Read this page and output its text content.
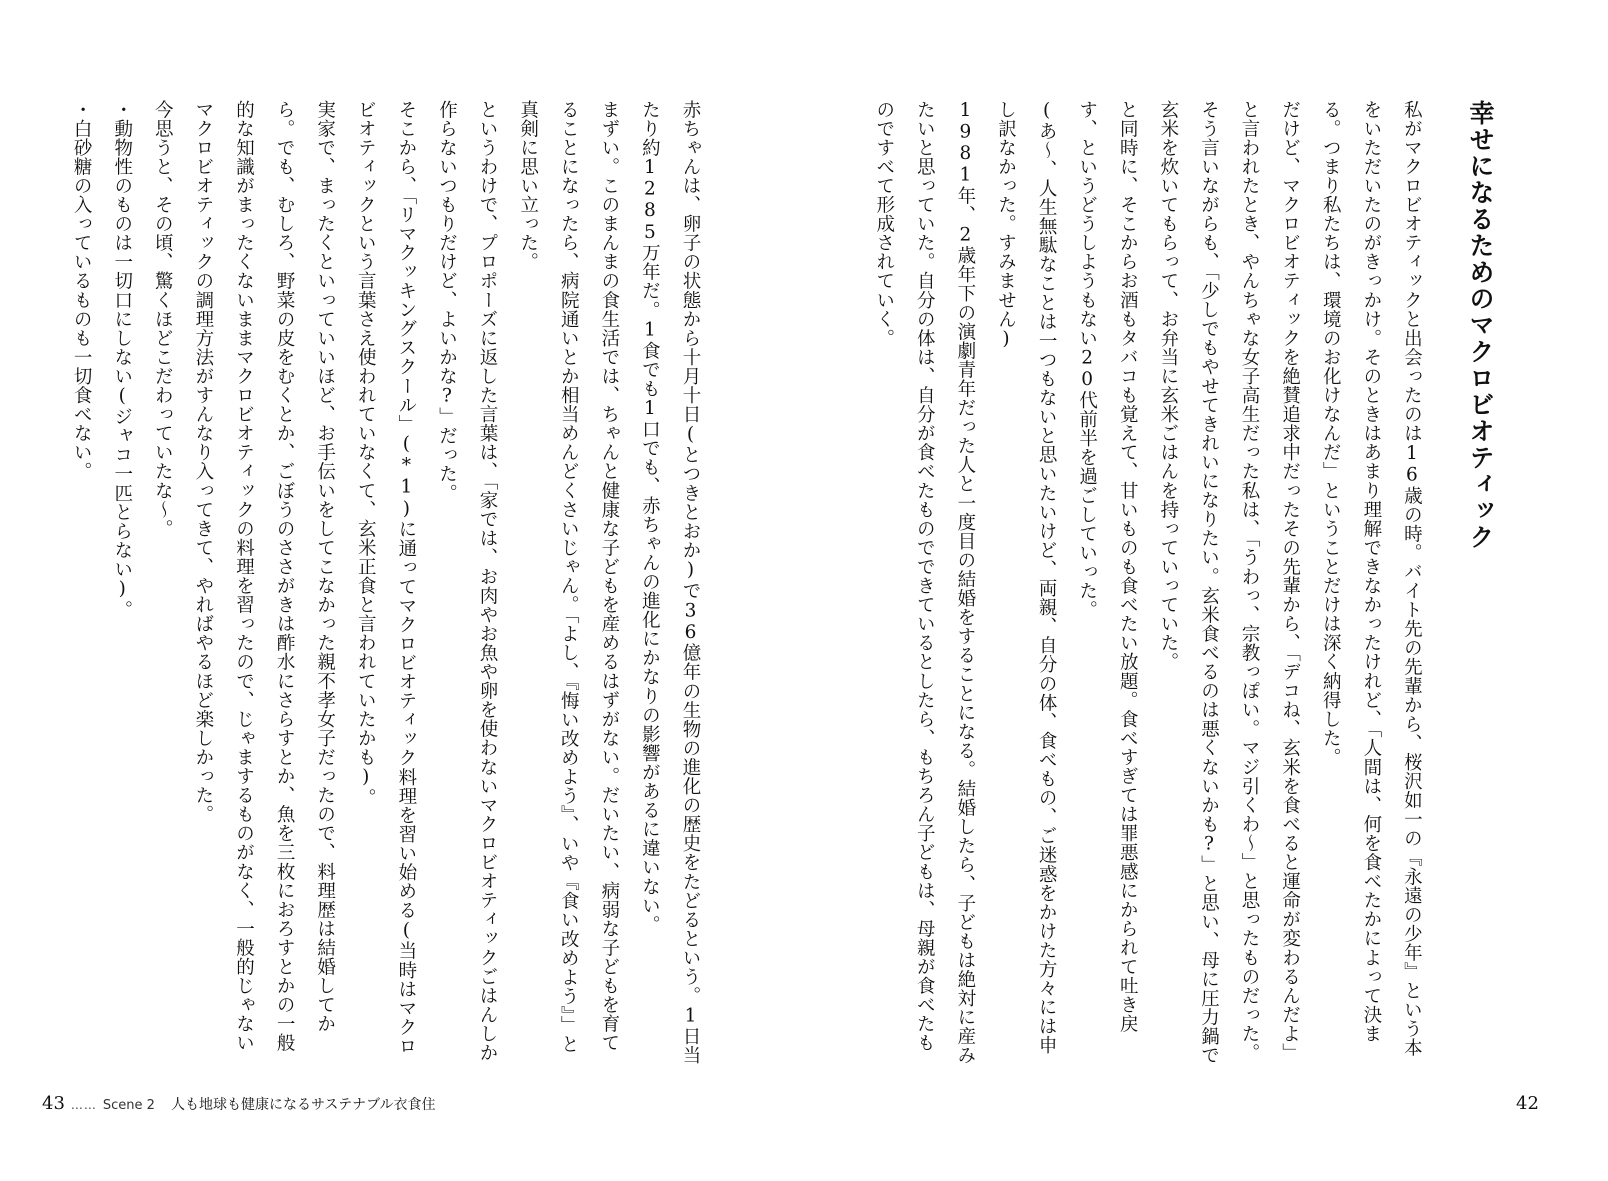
幸せになるためのマクロビオティック

私がマクロビオティックと出会ったのは16歳の時。バイト先の先輩から、桜沢如一の『永遠の少年』という本をいただいたのがきっかけ。そのときはあまり理解できなかったけれど、「人間は、何を食べたかによって決まる。つまり私たちは、環境のお化けなんだ」ということだけは深く納得した。

だけど、マクロビオティックを絶賛追求中だったその先輩から、「デコね、玄米を食べると運命が変わるんだよ」と言われたとき、やんちゃな女子高生だった私は、「うわっ、宗教っぽい。マジ引くわ〜」と思ったものだった。

そう言いながらも、「少しでもやせてきれいになりたい。玄米食べるのは悪くないかも?」と思い、母に圧力鍋で玄米を炊いてもらって、お弁当に玄米ごはんを持っていっていた。

と同時に、そこからお酒もタバコも覚えて、甘いものも食べたい放題。食べすぎては罪悪感にかられて吐き戻す、というどうしようもない20代前半を過ごしていった。

(あ〜、人生無駄なことは一つもないと思いたいけど、両親、自分の体、食べもの、ご迷惑をかけた方々には申し訳なかった。すみません)

1981年、2歳年下の演劇青年だった人と一度目の結婚をすることになる。結婚したら、子どもは絶対に産みたいと思っていた。自分の体は、自分が食べたものでできているとしたら、もちろん子どもは、母親が食べたものですべて形成されていく。

赤ちゃんは、卵子の状態から十月十日(とつきとおか)で36億年の生物の進化の歴史をたどるという。1日当たり約1285万年だ。1食でも1口でも、赤ちゃんの進化にかなりの影響があるに違いない。

まずい。このまんまの食生活では、ちゃんと健康な子どもを産めるはずがない。だいたい、病弱な子どもを育てることになったら、病院通いとか相当めんどくさいじゃん。「よし、『悔い改めよう』、いや『食い改めよう』」と真剣に思い立った。

というわけで、プロポーズに返した言葉は、「家では、お肉やお魚や卵を使わないマクロビオティックごはんしか作らないつもりだけど、よいかな?」だった。

そこから、「リマクッキングスクール」(*1)に通ってマクロビオティック料理を習い始める(当時はマクロビオティックという言葉さえ使われていなくて、玄米正食と言われていたかも)。

実家で、まったくといっていいほど、お手伝いをしてこなかった親不孝女子だったので、料理歴は結婚してから。でも、むしろ、野菜の皮をむくとか、ごぼうのささがきは酢水にさらすとか、魚を三枚におろすとかの一般的な知識がまったくないままマクロビオティックの料理を習ったので、じゃまするものがなく、一般的じゃないマクロビオティックの調理方法がすんなり入ってきて、やればやるほど楽しかった。

今思うと、その頃、驚くほどこだわっていたな〜。

・動物性のものは一切口にしない(ジャコ一匹とらない)。

・白砂糖の入っているものも一切食べない。

43 …… Scene 2 人も地球も健康になるサステナブル衣食住	42
